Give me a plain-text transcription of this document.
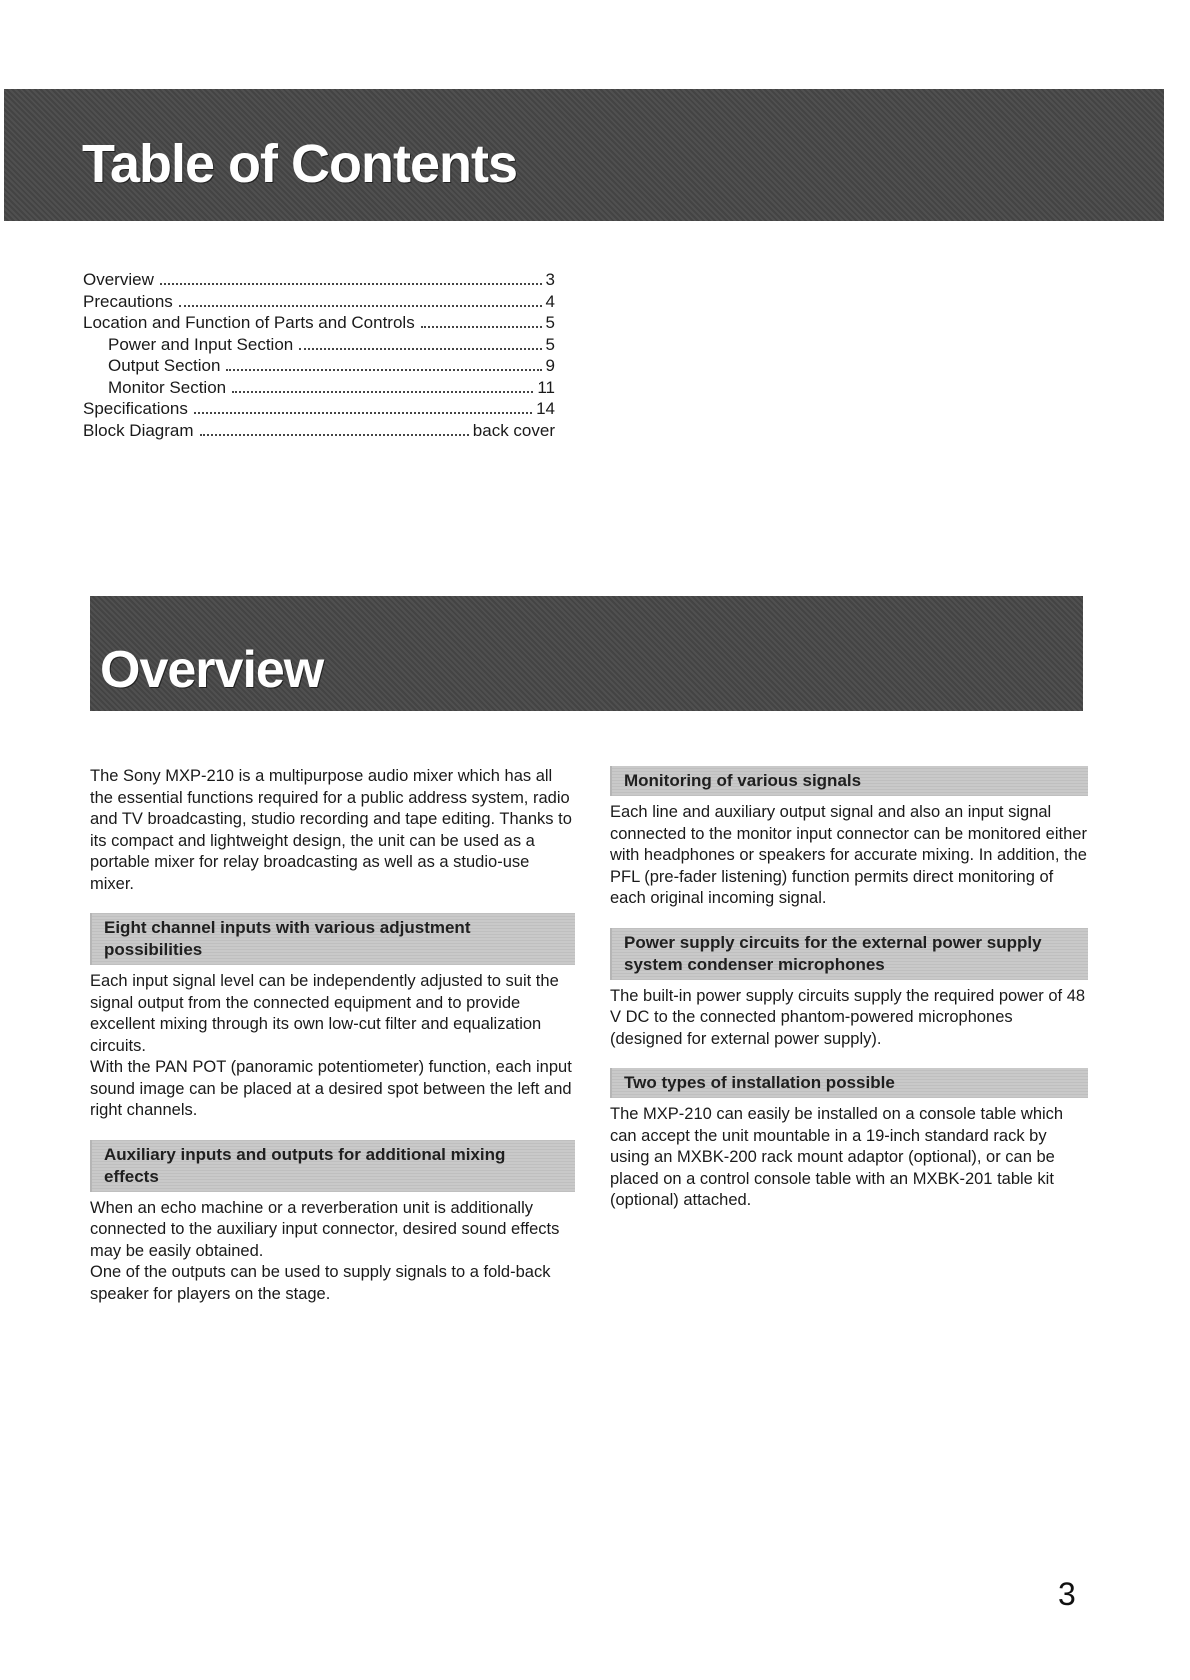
Table of Contents
Overview	3
Precautions	4
Location and Function of Parts and Controls	5
Power and Input Section	5
Output Section	9
Monitor Section	11
Specifications	14
Block Diagram	back cover
Overview

The Sony MXP-210 is a multipurpose audio mixer which has all the essential functions required for a public address system, radio and TV broadcasting, studio recording and tape editing. Thanks to its compact and lightweight design, the unit can be used as a portable mixer for relay broadcasting as well as a studio-use mixer.

Eight channel inputs with various adjustment possibilities

Each input signal level can be independently adjusted to suit the signal output from the connected equipment and to provide excellent mixing through its own low-cut filter and equalization circuits.

With the PAN POT (panoramic potentiometer) function, each input sound image can be placed at a desired spot between the left and right channels.

Auxiliary inputs and outputs for additional mixing effects

When an echo machine or a reverberation unit is additionally connected to the auxiliary input connector, desired sound effects may be easily obtained.

One of the outputs can be used to supply signals to a fold-back speaker for players on the stage.

Monitoring of various signals

Each line and auxiliary output signal and also an input signal connected to the monitor input connector can be monitored either with headphones or speakers for accurate mixing. In addition, the PFL (pre-fader listening) function permits direct monitoring of each original incoming signal.

Power supply circuits for the external power supply system condenser microphones

The built-in power supply circuits supply the required power of 48 V DC to the connected phantom-powered microphones (designed for external power supply).

Two types of installation possible

The MXP-210 can easily be installed on a console table which can accept the unit mountable in a 19-inch standard rack by using an MXBK-200 rack mount adaptor (optional), or can be placed on a control console table with an MXBK-201 table kit (optional) attached.

3
